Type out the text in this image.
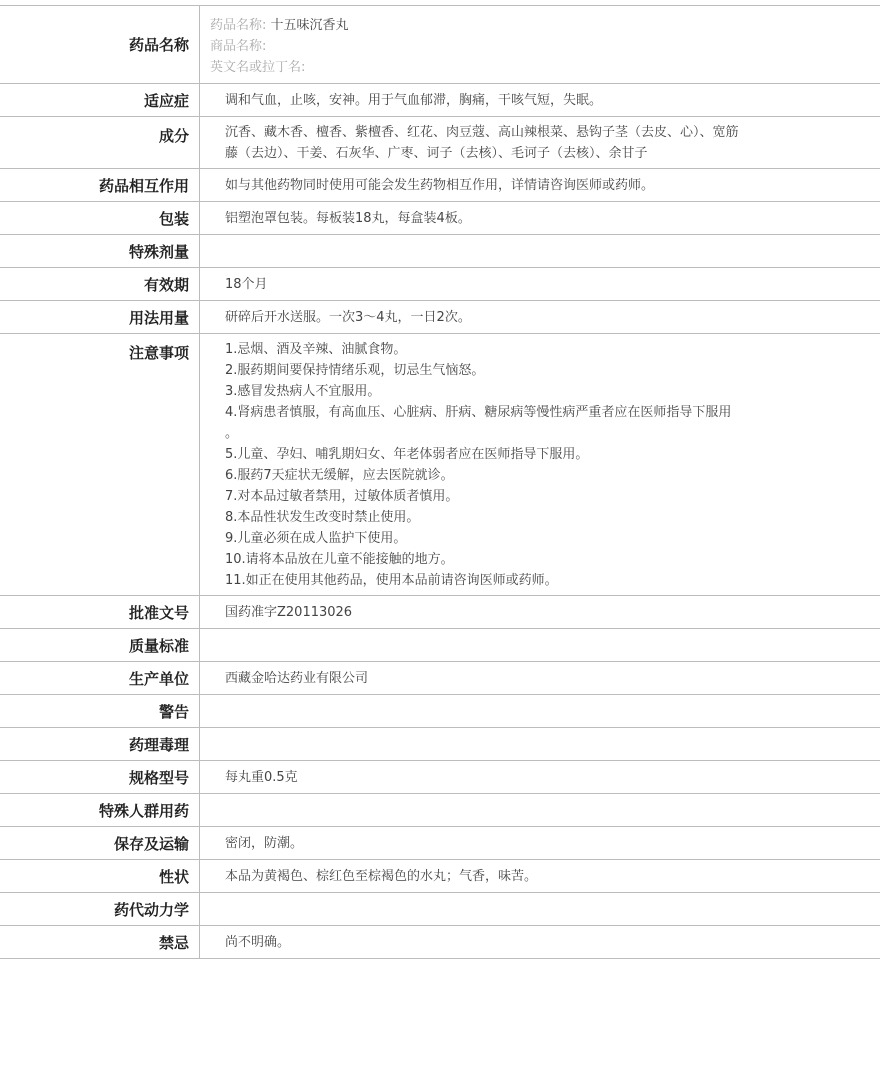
药品名称
药品名称: 十五味沉香丸
商品名称:
英文名或拉丁名:
适应症	调和气血，止咳，安神。用于气血郁滞，胸痛，干咳气短，失眠。
成分	沉香、藏木香、檀香、紫檀香、红花、肉豆蔻、高山辣根菜、悬钩子茎（去皮、心）、宽筋
藤（去边）、干姜、石灰华、广枣、诃子（去核）、毛诃子（去核）、余甘子
药品相互作用	如与其他药物同时使用可能会发生药物相互作用，详情请咨询医师或药师。
包装	铝塑泡罩包装。每板装18丸，每盒装4板。
特殊剂量
有效期	18个月
用法用量	研碎后开水送服。一次3～4丸，一日2次。
注意事项	1.忌烟、酒及辛辣、油腻食物。
2.服药期间要保持情绪乐观，切忌生气恼怒。
3.感冒发热病人不宜服用。
4.肾病患者慎服，有高血压、心脏病、肝病、糖尿病等慢性病严重者应在医师指导下服用
。
5.儿童、孕妇、哺乳期妇女、年老体弱者应在医师指导下服用。
6.服药7天症状无缓解，应去医院就诊。
7.对本品过敏者禁用，过敏体质者慎用。
8.本品性状发生改变时禁止使用。
9.儿童必须在成人监护下使用。
10.请将本品放在儿童不能接触的地方。
11.如正在使用其他药品，使用本品前请咨询医师或药师。
批准文号	国药准字Z20113026
质量标准
生产单位	西藏金哈达药业有限公司
警告
药理毒理
规格型号	每丸重0.5克
特殊人群用药
保存及运输	密闭，防潮。
性状	本品为黄褐色、棕红色至棕褐色的水丸；气香，味苦。
药代动力学
禁忌	尚不明确。
